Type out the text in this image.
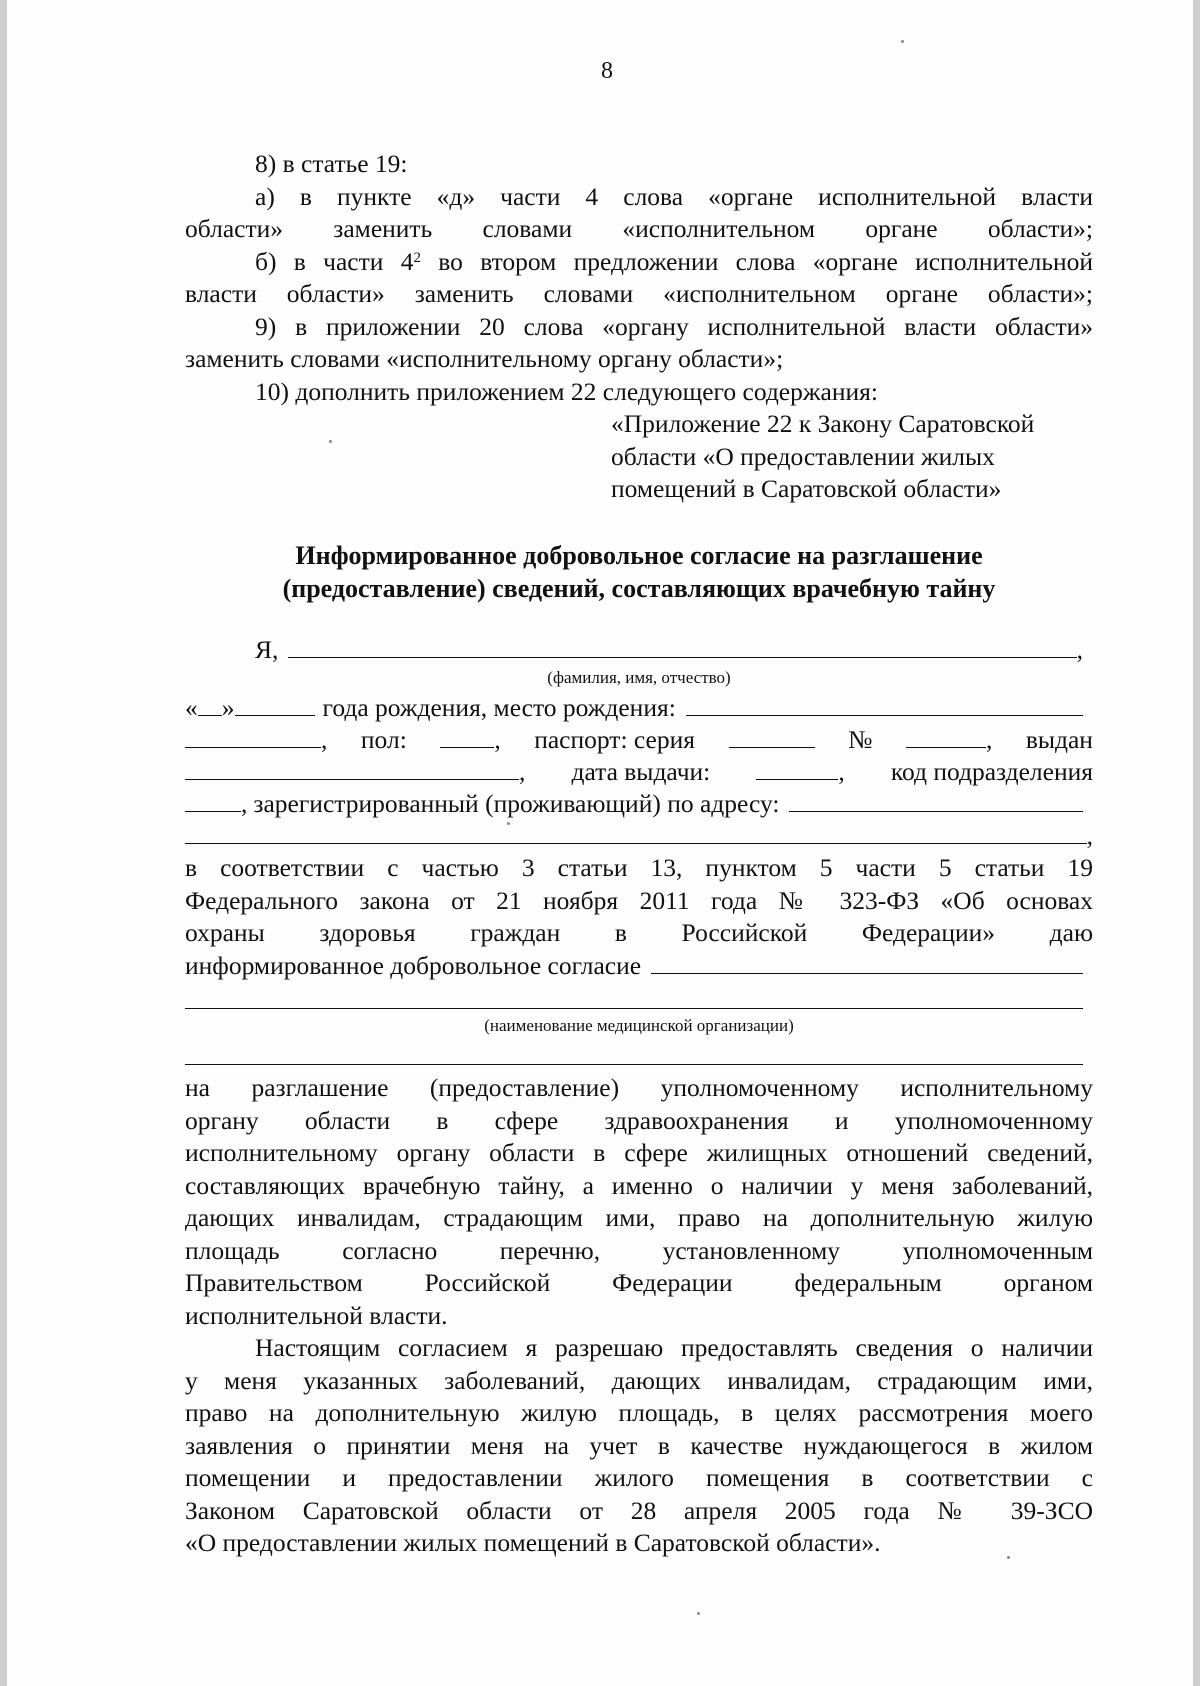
8
8) в статье 19:
а) в пункте «д» части 4 слова «органе исполнительной власти
области» заменить словами «исполнительном органе области»;
б) в части $4^2$ во втором предложении слова «органе исполнительной
власти области» заменить словами «исполнительном органе области»;
9) в приложении 20 слова «органу исполнительной власти области»
заменить словами «исполнительному органу области»;
10) дополнить приложением 22 следующего содержания:
«Приложение 22 к Закону Саратовской
области «О предоставлении жилых
помещений в Саратовской области»
Информированное добровольное согласие на разглашение
(предоставление) сведений, составляющих врачебную тайну
Я,	,
(фамилия, имя, отчество)
« »	года рождения, место рождения:
, пол:	, паспорт: серия	№	, выдан
, дата выдачи:	, код подразделения
, зарегистрированный (проживающий) по адресу:
,
в соответствии с частью 3 статьи 13, пунктом 5 части 5 статьи 19
Федерального закона от 21 ноября 2011 года № 323-ФЗ «Об основах
охраны здоровья граждан в Российской Федерации» даю
информированное добровольное согласие
(наименование медицинской организации)
на разглашение (предоставление) уполномоченному исполнительному
органу области в сфере здравоохранения и уполномоченному
исполнительному органу области в сфере жилищных отношений сведений,
составляющих врачебную тайну, а именно о наличии у меня заболеваний,
дающих инвалидам, страдающим ими, право на дополнительную жилую
площадь согласно перечню, установленному уполномоченным
Правительством Российской Федерации федеральным органом
исполнительной власти.
Настоящим согласием я разрешаю предоставлять сведения о наличии
у меня указанных заболеваний, дающих инвалидам, страдающим ими,
право на дополнительную жилую площадь, в целях рассмотрения моего
заявления о принятии меня на учет в качестве нуждающегося в жилом
помещении и предоставлении жилого помещения в соответствии с
Законом Саратовской области от 28 апреля 2005 года № 39-ЗСО
«О предоставлении жилых помещений в Саратовской области».
